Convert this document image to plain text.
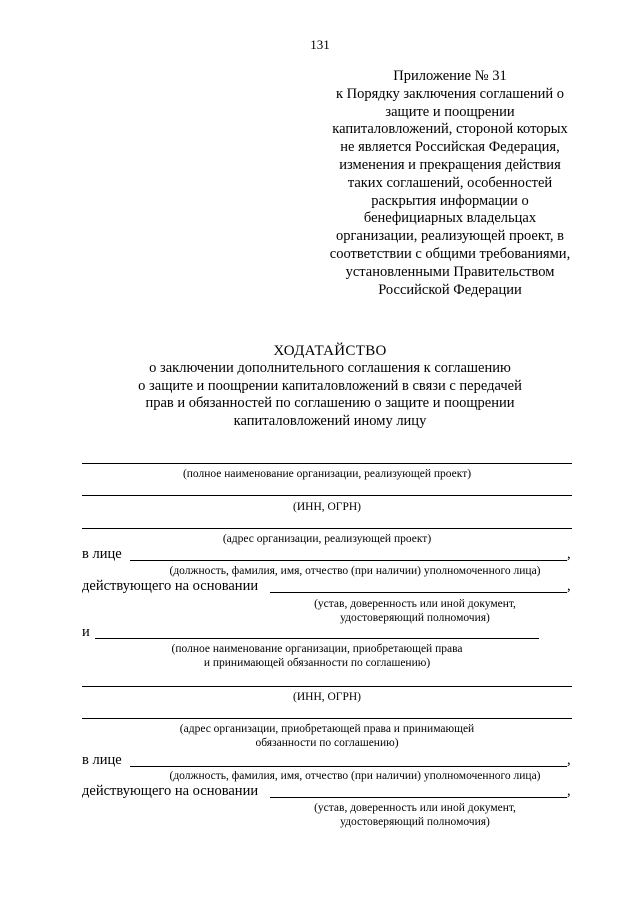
131
Приложение № 31
к Порядку заключения соглашений о
защите и поощрении
капиталовложений, стороной которых
не является Российская Федерация,
изменения и прекращения действия
таких соглашений, особенностей
раскрытия информации о
бенефициарных владельцах
организации, реализующей проект, в
соответствии с общими требованиями,
установленными Правительством
Российской Федерации
ХОДАТАЙСТВО
о заключении дополнительного соглашения к соглашению
о защите и поощрении капиталовложений в связи с передачей
прав и обязанностей по соглашению о защите и поощрении
капиталовложений иному лицу
(полное наименование организации, реализующей проект)
(ИНН, ОГРН)
(адрес организации, реализующей проект)
в лице	,
(должность, фамилия, имя, отчество (при наличии) уполномоченного лица)
действующего на основании	,
(устав, доверенность или иной документ,
удостоверяющий полномочия)
и
(полное наименование организации, приобретающей права
и принимающей обязанности по соглашению)
(ИНН, ОГРН)
(адрес организации, приобретающей права и принимающей
обязанности по соглашению)
в лице	,
(должность, фамилия, имя, отчество (при наличии) уполномоченного лица)
действующего на основании	,
(устав, доверенность или иной документ,
удостоверяющий полномочия)
